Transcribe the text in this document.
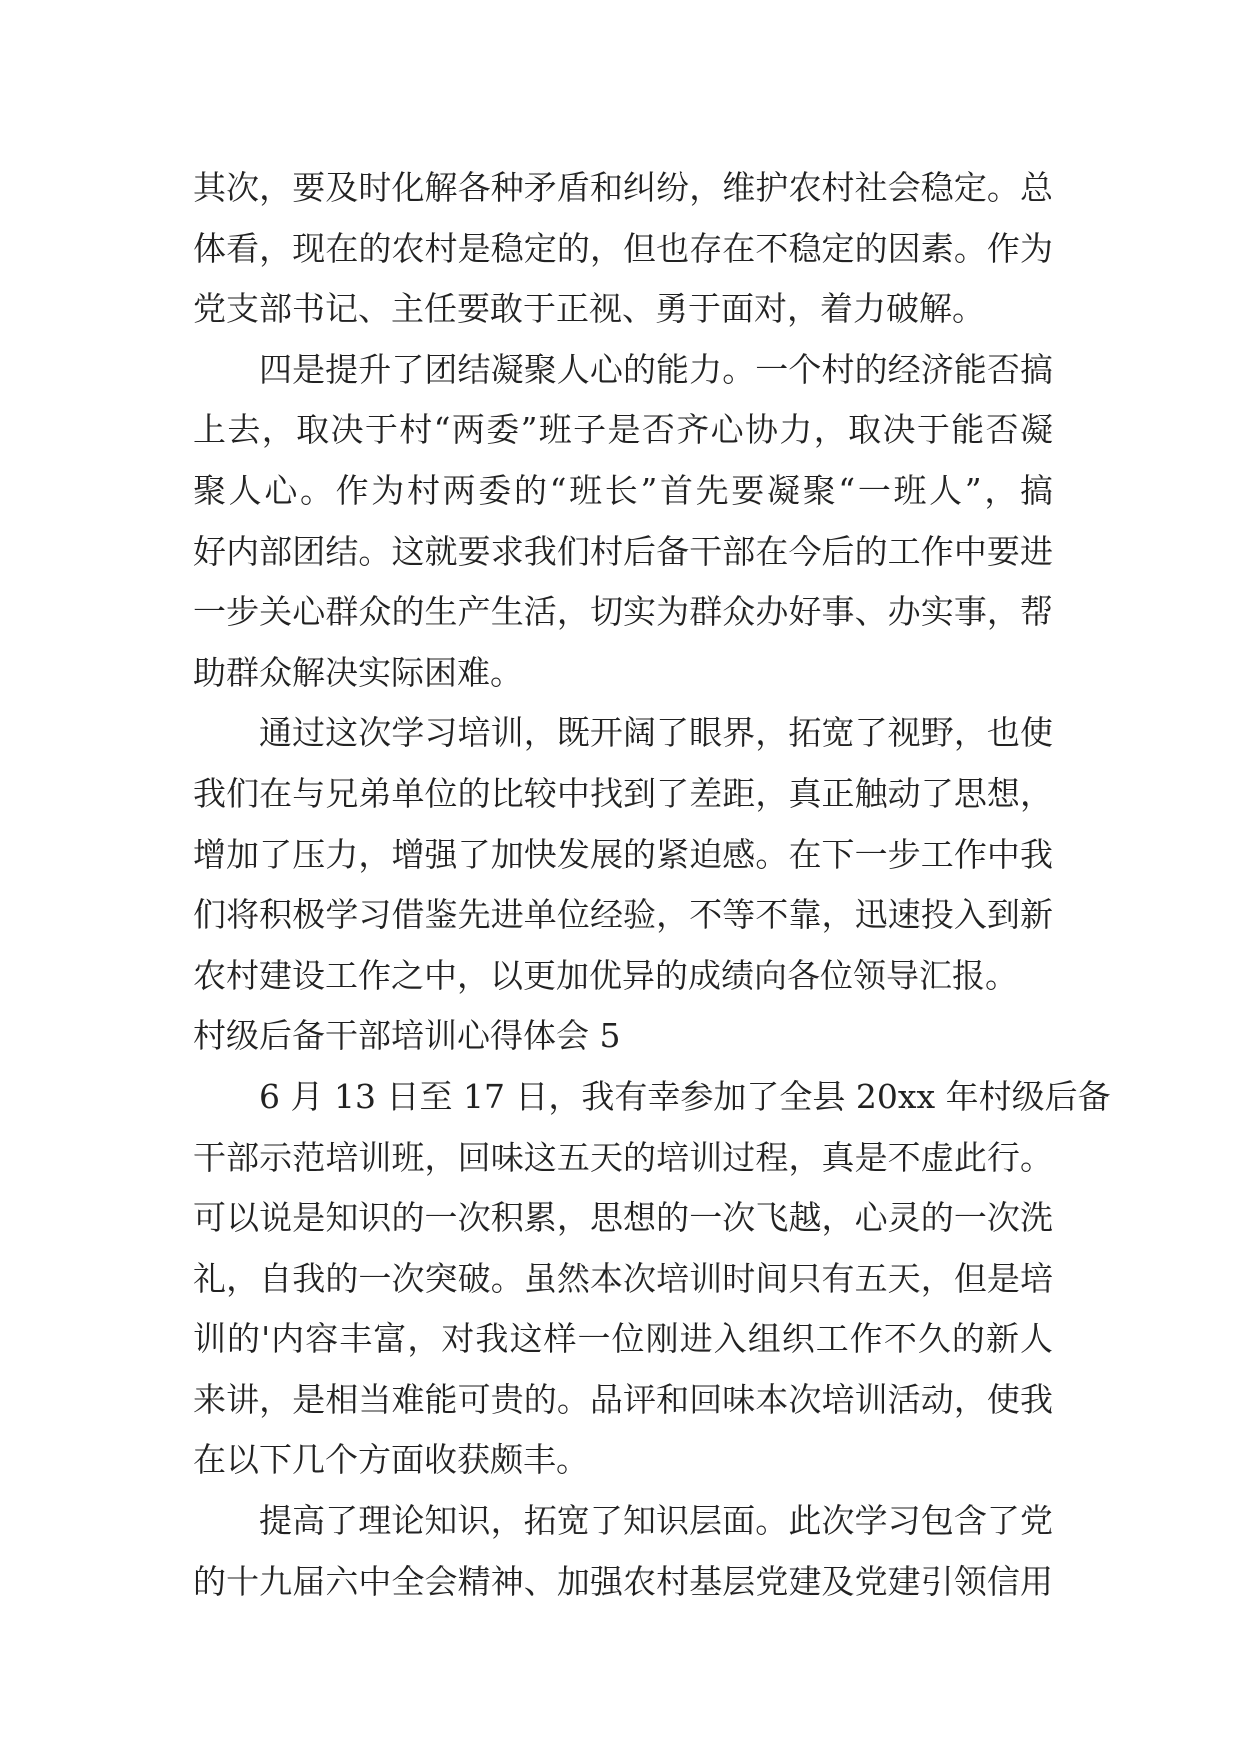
其次，要及时化解各种矛盾和纠纷，维护农村社会稳定。总
体看，现在的农村是稳定的，但也存在不稳定的因素。作为
党支部书记、主任要敢于正视、勇于面对，着力破解。

四是提升了团结凝聚人心的能力。一个村的经济能否搞
上去，取决于村“两委”班子是否齐心协力，取决于能否凝
聚人心。作为村两委的“班长”首先要凝聚“一班人”，搞
好内部团结。这就要求我们村后备干部在今后的工作中要进
一步关心群众的生产生活，切实为群众办好事、办实事，帮
助群众解决实际困难。

通过这次学习培训，既开阔了眼界，拓宽了视野，也使
我们在与兄弟单位的比较中找到了差距，真正触动了思想，
增加了压力，增强了加快发展的紧迫感。在下一步工作中我
们将积极学习借鉴先进单位经验，不等不靠，迅速投入到新
农村建设工作之中，以更加优异的成绩向各位领导汇报。

村级后备干部培训心得体会 5

6 月 13 日至 17 日，我有幸参加了全县 20xx 年村级后备
干部示范培训班，回味这五天的培训过程，真是不虚此行。
可以说是知识的一次积累，思想的一次飞越，心灵的一次洗
礼，自我的一次突破。虽然本次培训时间只有五天，但是培
训的'内容丰富，对我这样一位刚进入组织工作不久的新人
来讲，是相当难能可贵的。品评和回味本次培训活动，使我
在以下几个方面收获颇丰。

提高了理论知识，拓宽了知识层面。此次学习包含了党
的十九届六中全会精神、加强农村基层党建及党建引领信用
